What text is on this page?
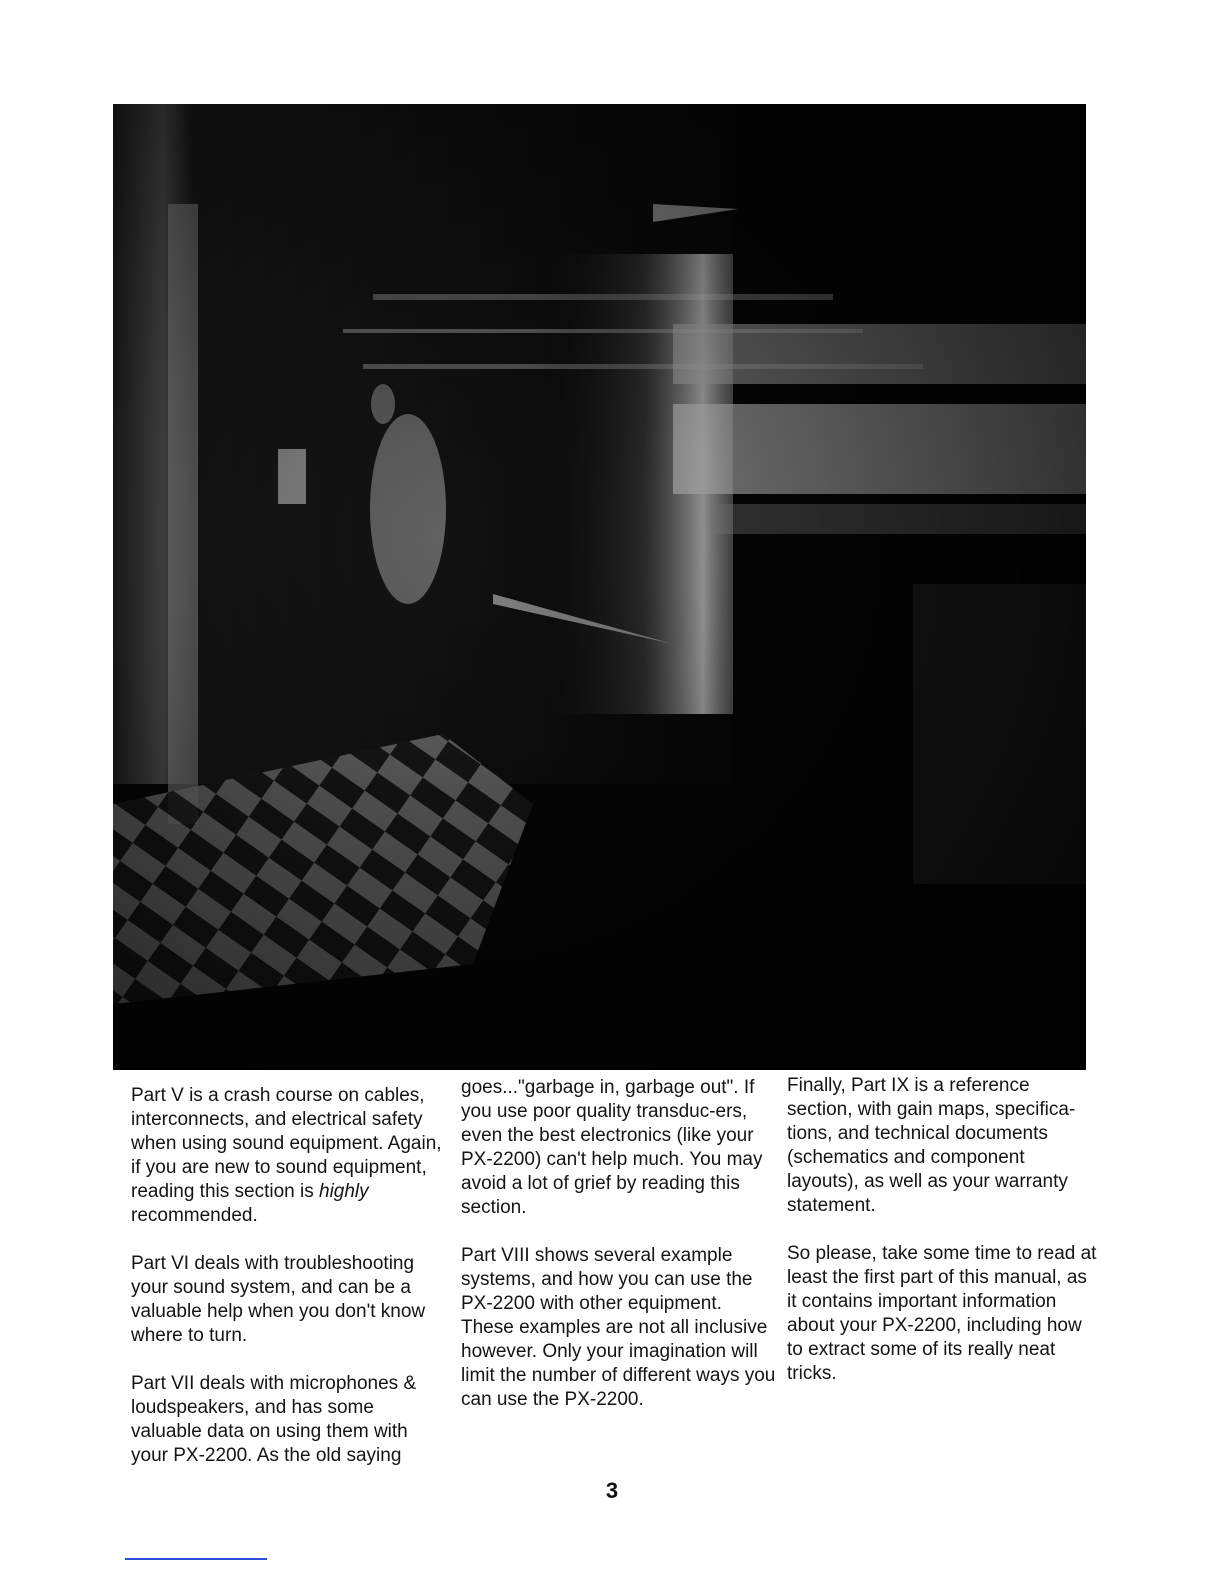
Part V is a crash course on cables, interconnects, and electrical safety when using sound equipment. Again, if you are new to sound equipment, reading this section is highly recommended.

Part VI deals with troubleshooting your sound system, and can be a valuable help when you don't know where to turn.

Part VII deals with microphones & loudspeakers, and has some valuable data on using them with your PX-2200. As the old saying

goes..."garbage in, garbage out". If you use poor quality transduc-ers, even the best electronics (like your PX-2200) can't help much. You may avoid a lot of grief by reading this section.

Part VIII shows several example systems, and how you can use the PX-2200 with other equipment. These examples are not all inclusive however. Only your imagination will limit the number of different ways you can use the PX-2200.

Finally, Part IX is a reference section, with gain maps, specifica-tions, and technical documents (schematics and component layouts), as well as your warranty statement.

So please, take some time to read at least the first part of this manual, as it contains important information about your PX-2200, including how to extract some of its really neat tricks.

3
